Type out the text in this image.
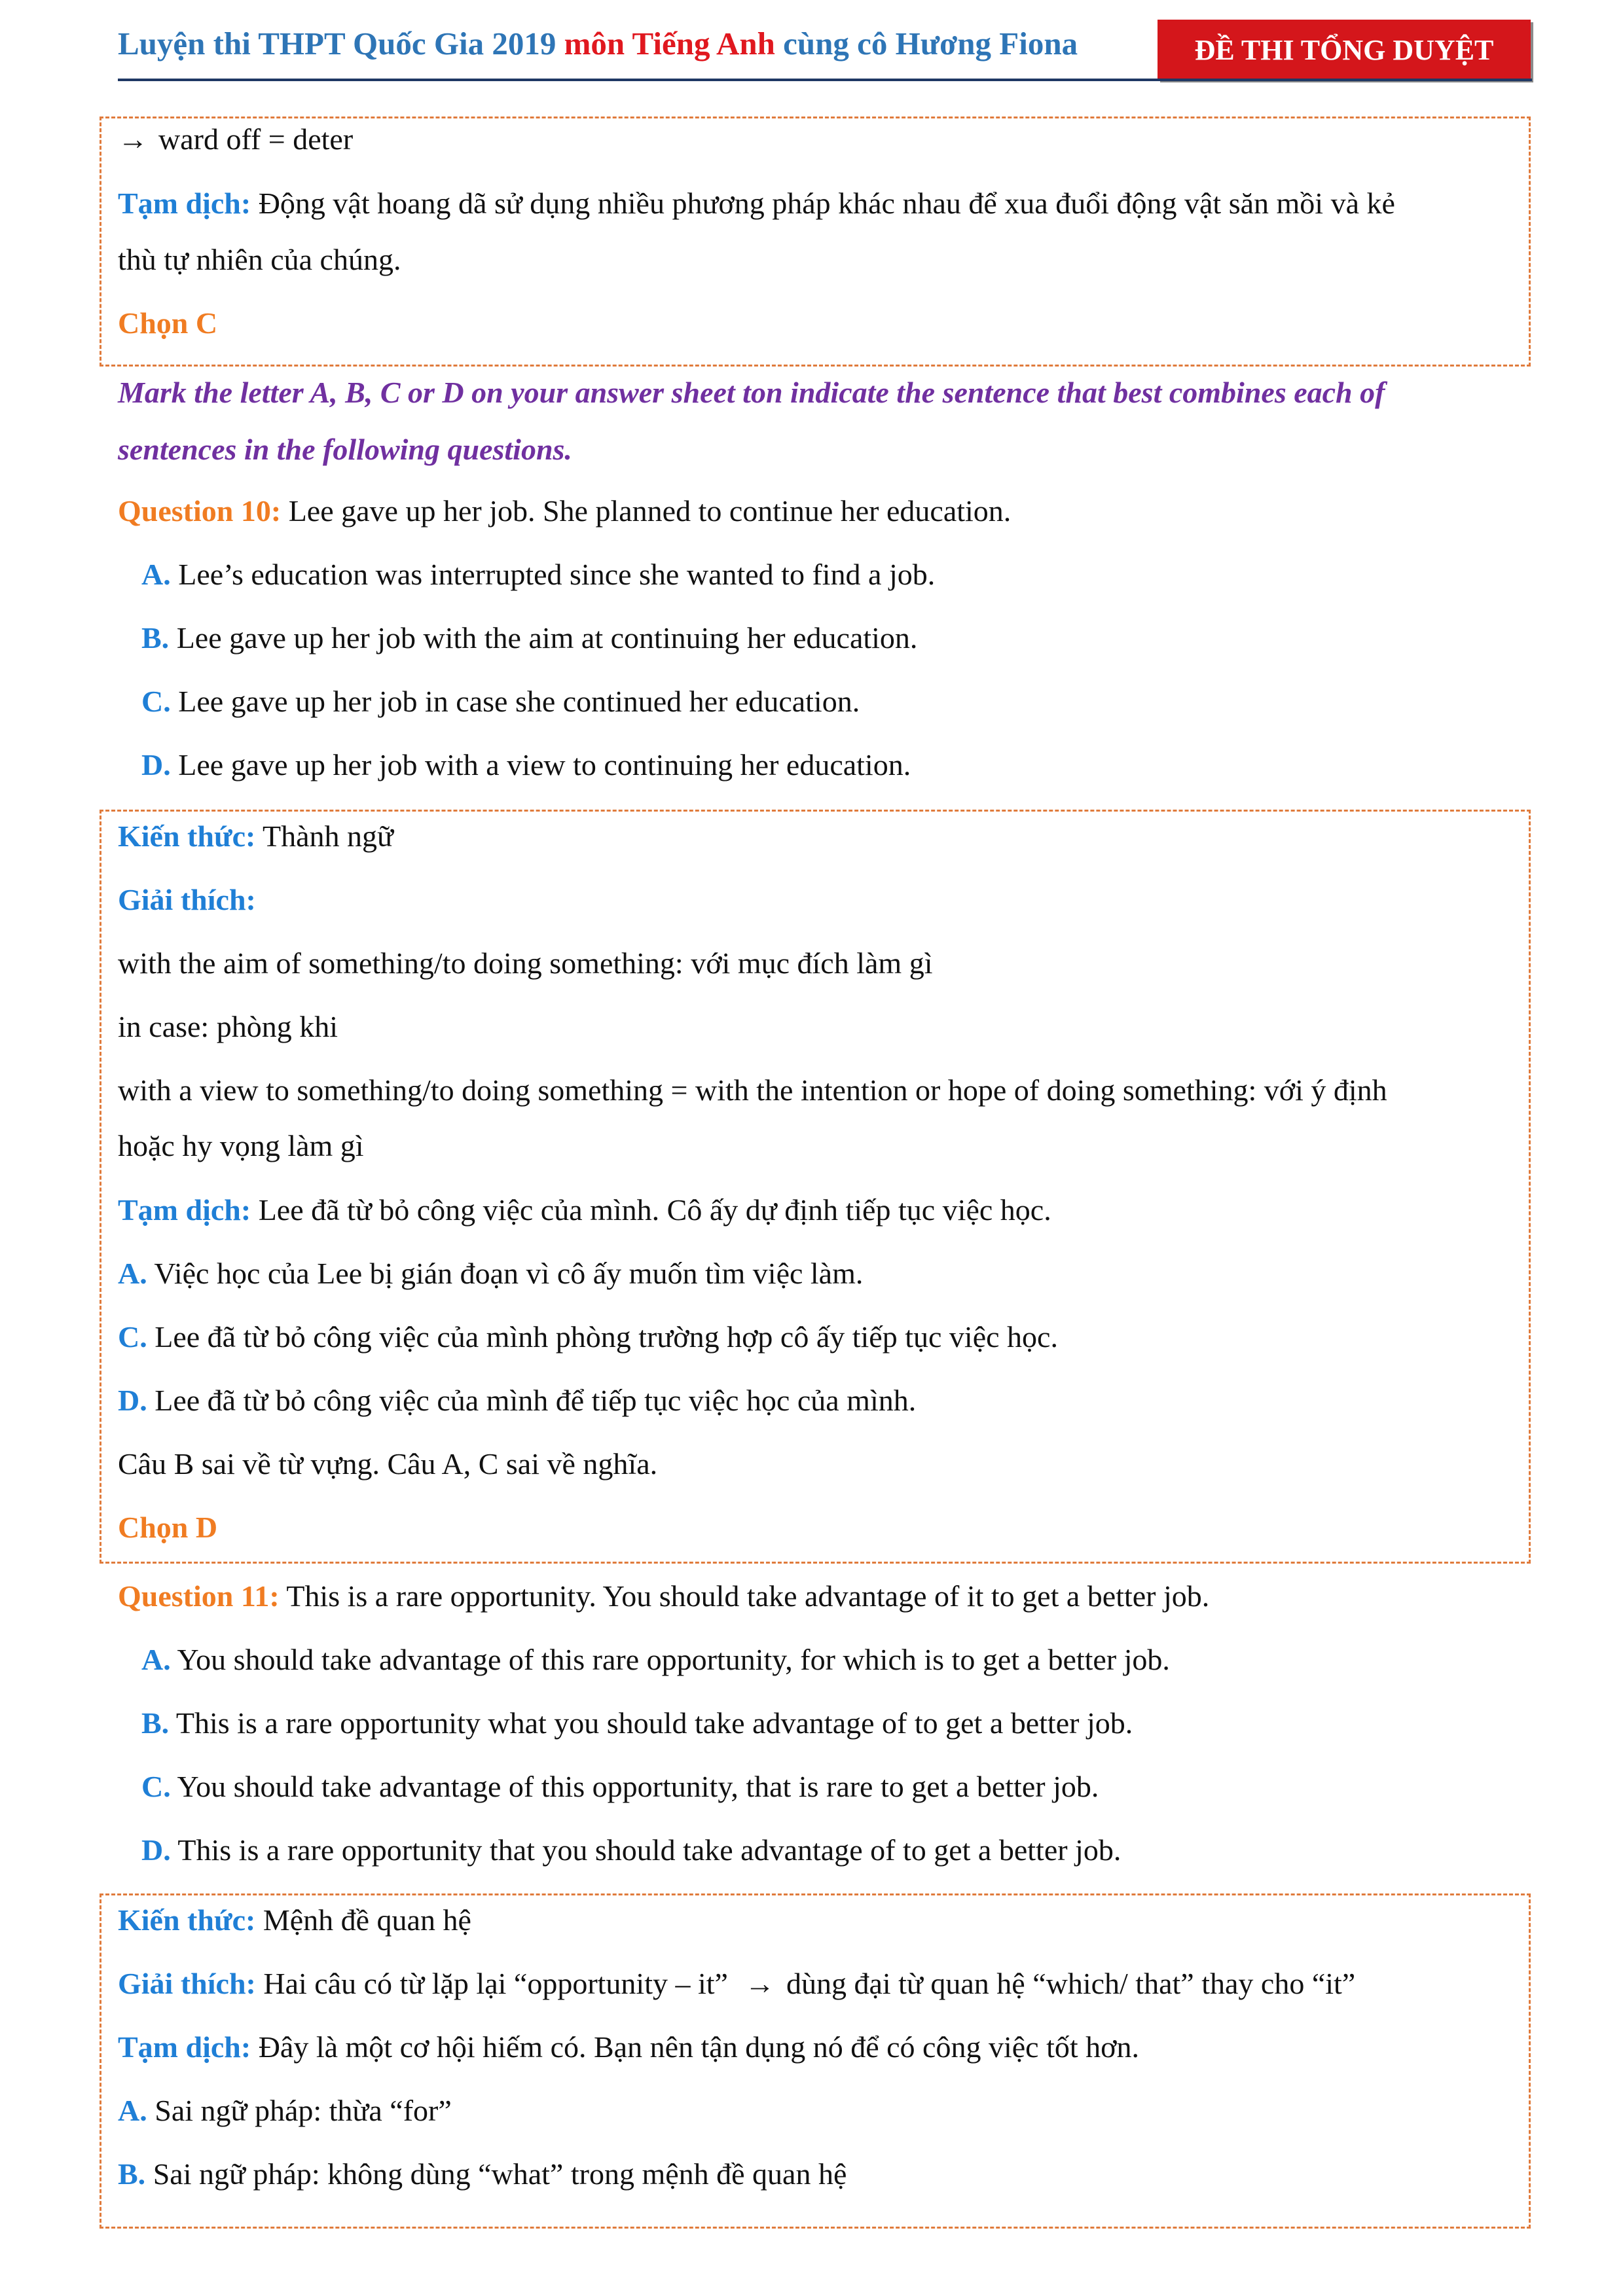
Luyện thi THPT Quốc Gia 2019 môn Tiếng Anh cùng cô Hương Fiona	ĐỀ THI TỔNG DUYỆT
→ ward off = deter
Tạm dịch: Động vật hoang dã sử dụng nhiều phương pháp khác nhau để xua đuổi động vật săn mồi và kẻ
thù tự nhiên của chúng.
Chọn C
Mark the letter A, B, C or D on your answer sheet ton indicate the sentence that best combines each of
sentences in the following questions.
Question 10: Lee gave up her job. She planned to continue her education.
A. Lee’s education was interrupted since she wanted to find a job.
B. Lee gave up her job with the aim at continuing her education.
C. Lee gave up her job in case she continued her education.
D. Lee gave up her job with a view to continuing her education.
Kiến thức: Thành ngữ
Giải thích:
with the aim of something/to doing something: với mục đích làm gì
in case: phòng khi
with a view to something/to doing something = with the intention or hope of doing something: với ý định
hoặc hy vọng làm gì
Tạm dịch: Lee đã từ bỏ công việc của mình. Cô ấy dự định tiếp tục việc học.
A. Việc học của Lee bị gián đoạn vì cô ấy muốn tìm việc làm.
C. Lee đã từ bỏ công việc của mình phòng trường hợp cô ấy tiếp tục việc học.
D. Lee đã từ bỏ công việc của mình để tiếp tục việc học của mình.
Câu B sai về từ vựng. Câu A, C sai về nghĩa.
Chọn D
Question 11: This is a rare opportunity. You should take advantage of it to get a better job.
A. You should take advantage of this rare opportunity, for which is to get a better job.
B. This is a rare opportunity what you should take advantage of to get a better job.
C. You should take advantage of this opportunity, that is rare to get a better job.
D. This is a rare opportunity that you should take advantage of to get a better job.
Kiến thức: Mệnh đề quan hệ
Giải thích: Hai câu có từ lặp lại “opportunity – it” → dùng đại từ quan hệ “which/ that” thay cho “it”
Tạm dịch: Đây là một cơ hội hiếm có. Bạn nên tận dụng nó để có công việc tốt hơn.
A. Sai ngữ pháp: thừa “for”
B. Sai ngữ pháp: không dùng “what” trong mệnh đề quan hệ
